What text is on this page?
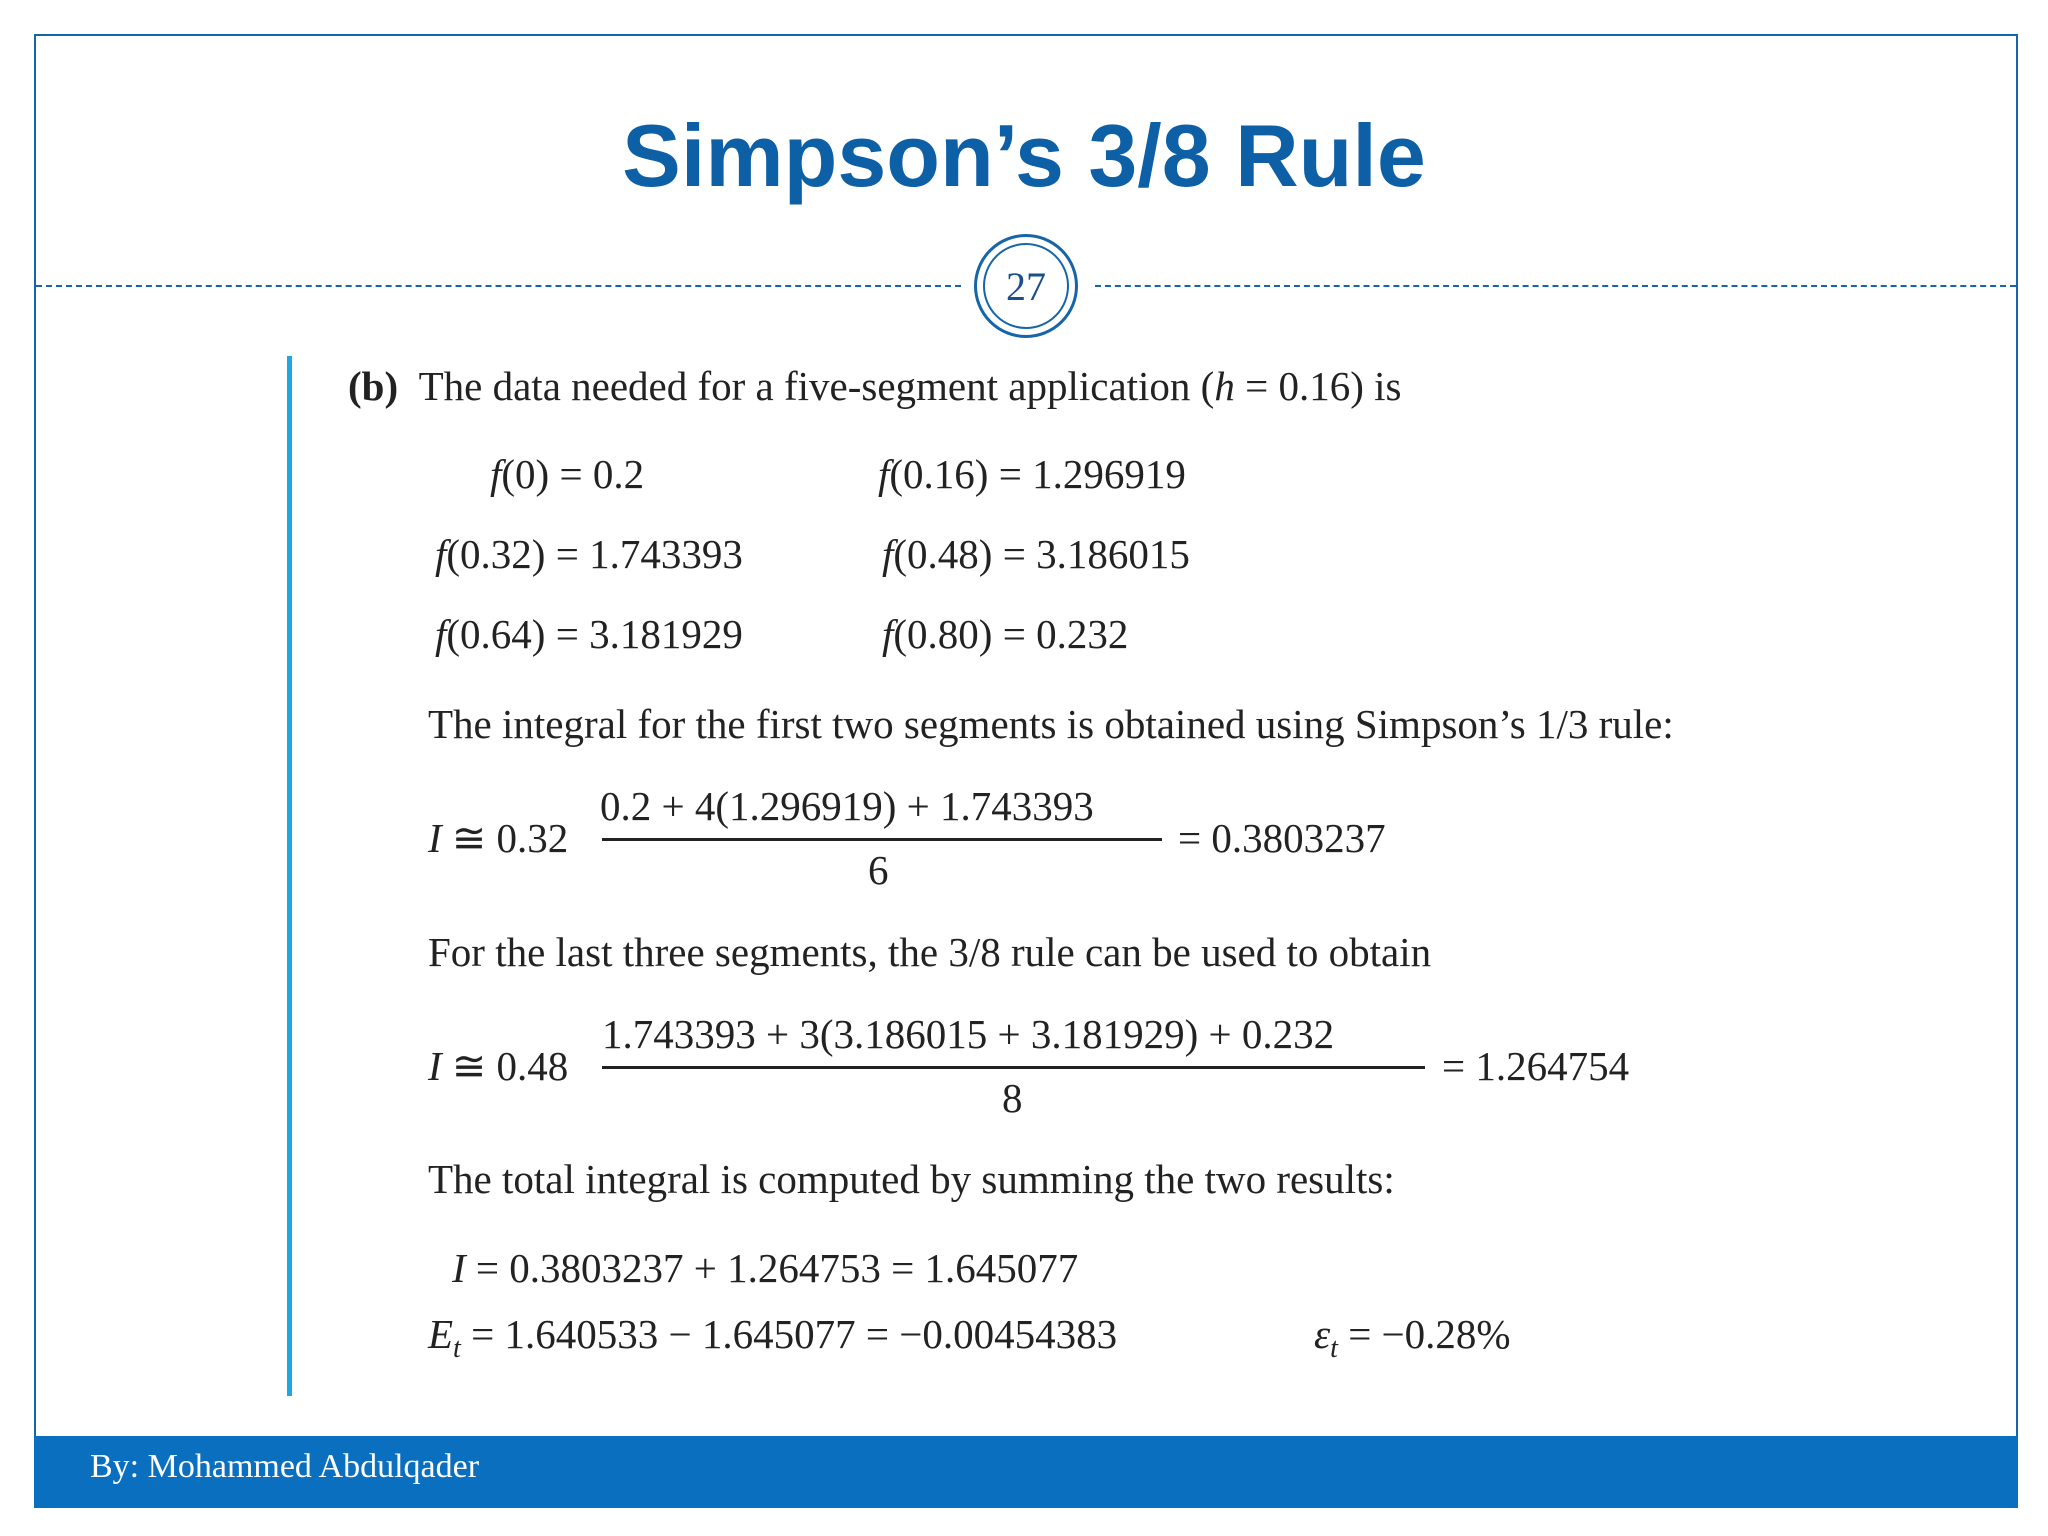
Simpson’s 3/8 Rule
27
(b) The data needed for a five-segment application (h = 0.16) is
f(0) = 0.2	f(0.16) = 1.296919
f(0.32) = 1.743393	f(0.48) = 3.186015
f(0.64) = 3.181929	f(0.80) = 0.232
The integral for the first two segments is obtained using Simpson’s 1/3 rule:
I ≅ 0.32
0.2 + 4(1.296919) + 1.743393
6
= 0.3803237
For the last three segments, the 3/8 rule can be used to obtain
I ≅ 0.48
1.743393 + 3(3.186015 + 3.181929) + 0.232
8
= 1.264754
The total integral is computed by summing the two results:
I = 0.3803237 + 1.264753 = 1.645077
$E_t = 1.640533 - 1.645077 = -0.00454383$	$\varepsilon_t = -0.28\%$
By: Mohammed Abdulqader
